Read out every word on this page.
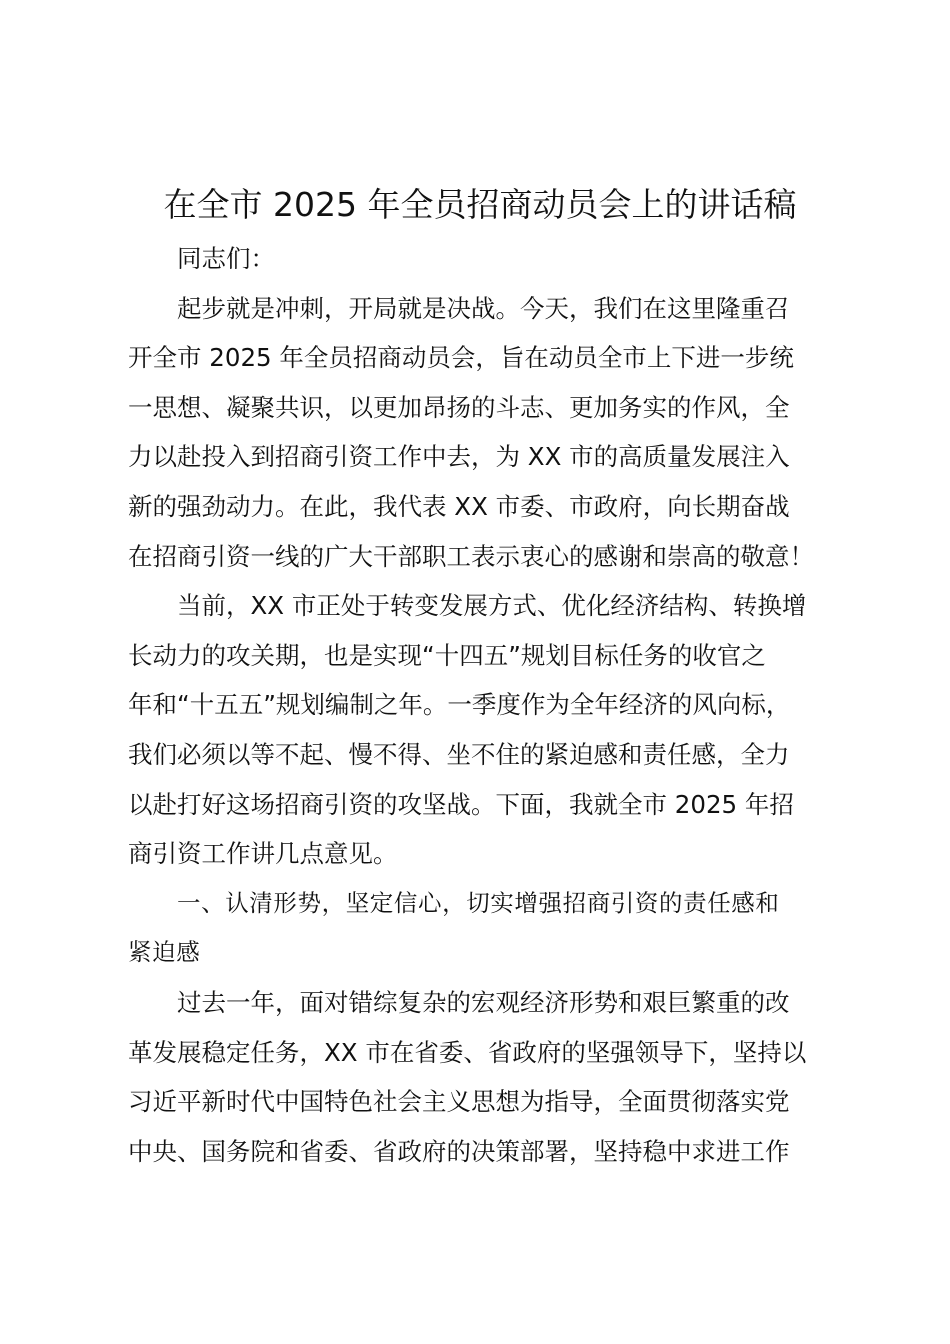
在全市 2025 年全员招商动员会上的讲话稿
同志们：
起步就是冲刺，开局就是决战。今天，我们在这里隆重召
开全市 2025 年全员招商动员会，旨在动员全市上下进一步统
一思想、凝聚共识，以更加昂扬的斗志、更加务实的作风，全
力以赴投入到招商引资工作中去，为 XX 市的高质量发展注入
新的强劲动力。在此，我代表 XX 市委、市政府，向长期奋战
在招商引资一线的广大干部职工表示衷心的感谢和崇高的敬意！
当前，XX 市正处于转变发展方式、优化经济结构、转换增
长动力的攻关期，也是实现“十四五”规划目标任务的收官之
年和“十五五”规划编制之年。一季度作为全年经济的风向标，
我们必须以等不起、慢不得、坐不住的紧迫感和责任感，全力
以赴打好这场招商引资的攻坚战。下面，我就全市 2025 年招
商引资工作讲几点意见。
一、认清形势，坚定信心，切实增强招商引资的责任感和
紧迫感
过去一年，面对错综复杂的宏观经济形势和艰巨繁重的改
革发展稳定任务，XX 市在省委、省政府的坚强领导下，坚持以
习近平新时代中国特色社会主义思想为指导，全面贯彻落实党
中央、国务院和省委、省政府的决策部署，坚持稳中求进工作
